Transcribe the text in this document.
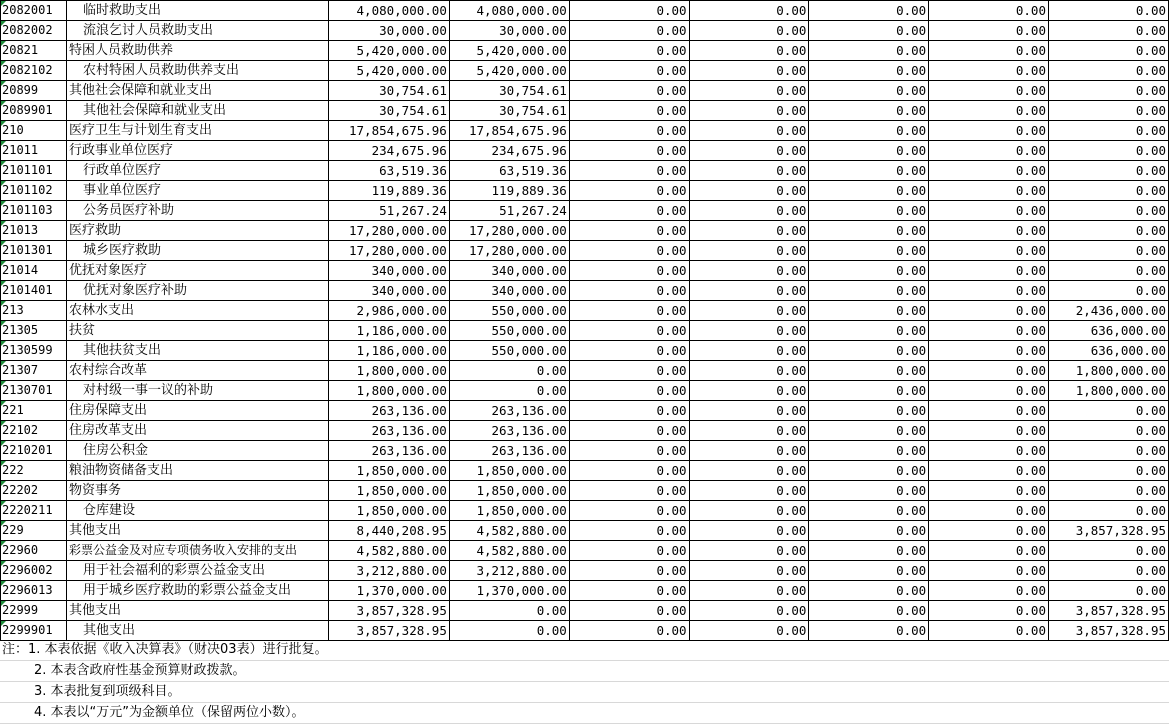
2082001	临时救助支出	4,080,000.00	4,080,000.00	0.00	0.00	0.00	0.00	0.00
2082002	流浪乞讨人员救助支出	30,000.00	30,000.00	0.00	0.00	0.00	0.00	0.00
20821	特困人员救助供养	5,420,000.00	5,420,000.00	0.00	0.00	0.00	0.00	0.00
2082102	农村特困人员救助供养支出	5,420,000.00	5,420,000.00	0.00	0.00	0.00	0.00	0.00
20899	其他社会保障和就业支出	30,754.61	30,754.61	0.00	0.00	0.00	0.00	0.00
2089901	其他社会保障和就业支出	30,754.61	30,754.61	0.00	0.00	0.00	0.00	0.00
210	医疗卫生与计划生育支出	17,854,675.96	17,854,675.96	0.00	0.00	0.00	0.00	0.00
21011	行政事业单位医疗	234,675.96	234,675.96	0.00	0.00	0.00	0.00	0.00
2101101	行政单位医疗	63,519.36	63,519.36	0.00	0.00	0.00	0.00	0.00
2101102	事业单位医疗	119,889.36	119,889.36	0.00	0.00	0.00	0.00	0.00
2101103	公务员医疗补助	51,267.24	51,267.24	0.00	0.00	0.00	0.00	0.00
21013	医疗救助	17,280,000.00	17,280,000.00	0.00	0.00	0.00	0.00	0.00
2101301	城乡医疗救助	17,280,000.00	17,280,000.00	0.00	0.00	0.00	0.00	0.00
21014	优抚对象医疗	340,000.00	340,000.00	0.00	0.00	0.00	0.00	0.00
2101401	优抚对象医疗补助	340,000.00	340,000.00	0.00	0.00	0.00	0.00	0.00
213	农林水支出	2,986,000.00	550,000.00	0.00	0.00	0.00	0.00	2,436,000.00
21305	扶贫	1,186,000.00	550,000.00	0.00	0.00	0.00	0.00	636,000.00
2130599	其他扶贫支出	1,186,000.00	550,000.00	0.00	0.00	0.00	0.00	636,000.00
21307	农村综合改革	1,800,000.00	0.00	0.00	0.00	0.00	0.00	1,800,000.00
2130701	对村级一事一议的补助	1,800,000.00	0.00	0.00	0.00	0.00	0.00	1,800,000.00
221	住房保障支出	263,136.00	263,136.00	0.00	0.00	0.00	0.00	0.00
22102	住房改革支出	263,136.00	263,136.00	0.00	0.00	0.00	0.00	0.00
2210201	住房公积金	263,136.00	263,136.00	0.00	0.00	0.00	0.00	0.00
222	粮油物资储备支出	1,850,000.00	1,850,000.00	0.00	0.00	0.00	0.00	0.00
22202	物资事务	1,850,000.00	1,850,000.00	0.00	0.00	0.00	0.00	0.00
2220211	仓库建设	1,850,000.00	1,850,000.00	0.00	0.00	0.00	0.00	0.00
229	其他支出	8,440,208.95	4,582,880.00	0.00	0.00	0.00	0.00	3,857,328.95
22960	彩票公益金及对应专项债务收入安排的支出	4,582,880.00	4,582,880.00	0.00	0.00	0.00	0.00	0.00
2296002	用于社会福利的彩票公益金支出	3,212,880.00	3,212,880.00	0.00	0.00	0.00	0.00	0.00
2296013	用于城乡医疗救助的彩票公益金支出	1,370,000.00	1,370,000.00	0.00	0.00	0.00	0.00	0.00
22999	其他支出	3,857,328.95	0.00	0.00	0.00	0.00	0.00	3,857,328.95
2299901	其他支出	3,857,328.95	0.00	0.00	0.00	0.00	0.00	3,857,328.95
注：1. 本表依据《收入决算表》（财决03表）进行批复。
2. 本表含政府性基金预算财政拨款。
3. 本表批复到项级科目。
4. 本表以“万元”为金额单位（保留两位小数）。
